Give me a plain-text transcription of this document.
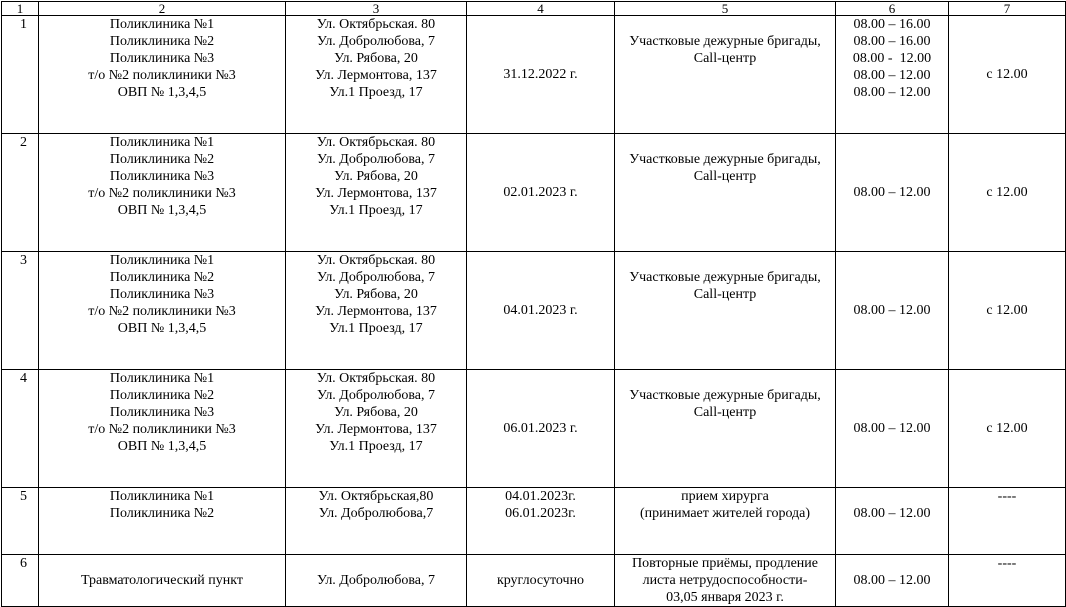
1	2	3	4	5	6	7
1	Поликлиника №1
Поликлиника №2
Поликлиника №3
т/о №2 поликлиники №3
ОВП № 1,3,4,5	Ул. Октябрьская. 80
Ул. Добролюбова, 7
Ул. Рябова, 20
Ул. Лермонтова, 137
Ул.1 Проезд, 17	31.12.2022 г.	Участковые дежурные бригады,
Call-центр	08.00 – 16.00
08.00 – 16.00
08.00 -  12.00
08.00 – 12.00
08.00 – 12.00	с 12.00
2	Поликлиника №1
Поликлиника №2
Поликлиника №3
т/о №2 поликлиники №3
ОВП № 1,3,4,5	Ул. Октябрьская. 80
Ул. Добролюбова, 7
Ул. Рябова, 20
Ул. Лермонтова, 137
Ул.1 Проезд, 17	02.01.2023 г.	Участковые дежурные бригады,
Call-центр	08.00 – 12.00	с 12.00
3	Поликлиника №1
Поликлиника №2
Поликлиника №3
т/о №2 поликлиники №3
ОВП № 1,3,4,5	Ул. Октябрьская. 80
Ул. Добролюбова, 7
Ул. Рябова, 20
Ул. Лермонтова, 137
Ул.1 Проезд, 17	04.01.2023 г.	Участковые дежурные бригады,
Call-центр	08.00 – 12.00	с 12.00
4	Поликлиника №1
Поликлиника №2
Поликлиника №3
т/о №2 поликлиники №3
ОВП № 1,3,4,5	Ул. Октябрьская. 80
Ул. Добролюбова, 7
Ул. Рябова, 20
Ул. Лермонтова, 137
Ул.1 Проезд, 17	06.01.2023 г.	Участковые дежурные бригады,
Call-центр	08.00 – 12.00	с 12.00
5	Поликлиника №1
Поликлиника №2	Ул. Октябрьская,80
Ул. Добролюбова,7	04.01.2023г.
06.01.2023г.	прием хирурга
(принимает жителей города)	08.00 – 12.00	----
6	Травматологический пункт	Ул. Добролюбова, 7	круглосуточно	Повторные приёмы, продление
листа нетрудоспособности-
03,05 января 2023 г.	08.00 – 12.00	----
